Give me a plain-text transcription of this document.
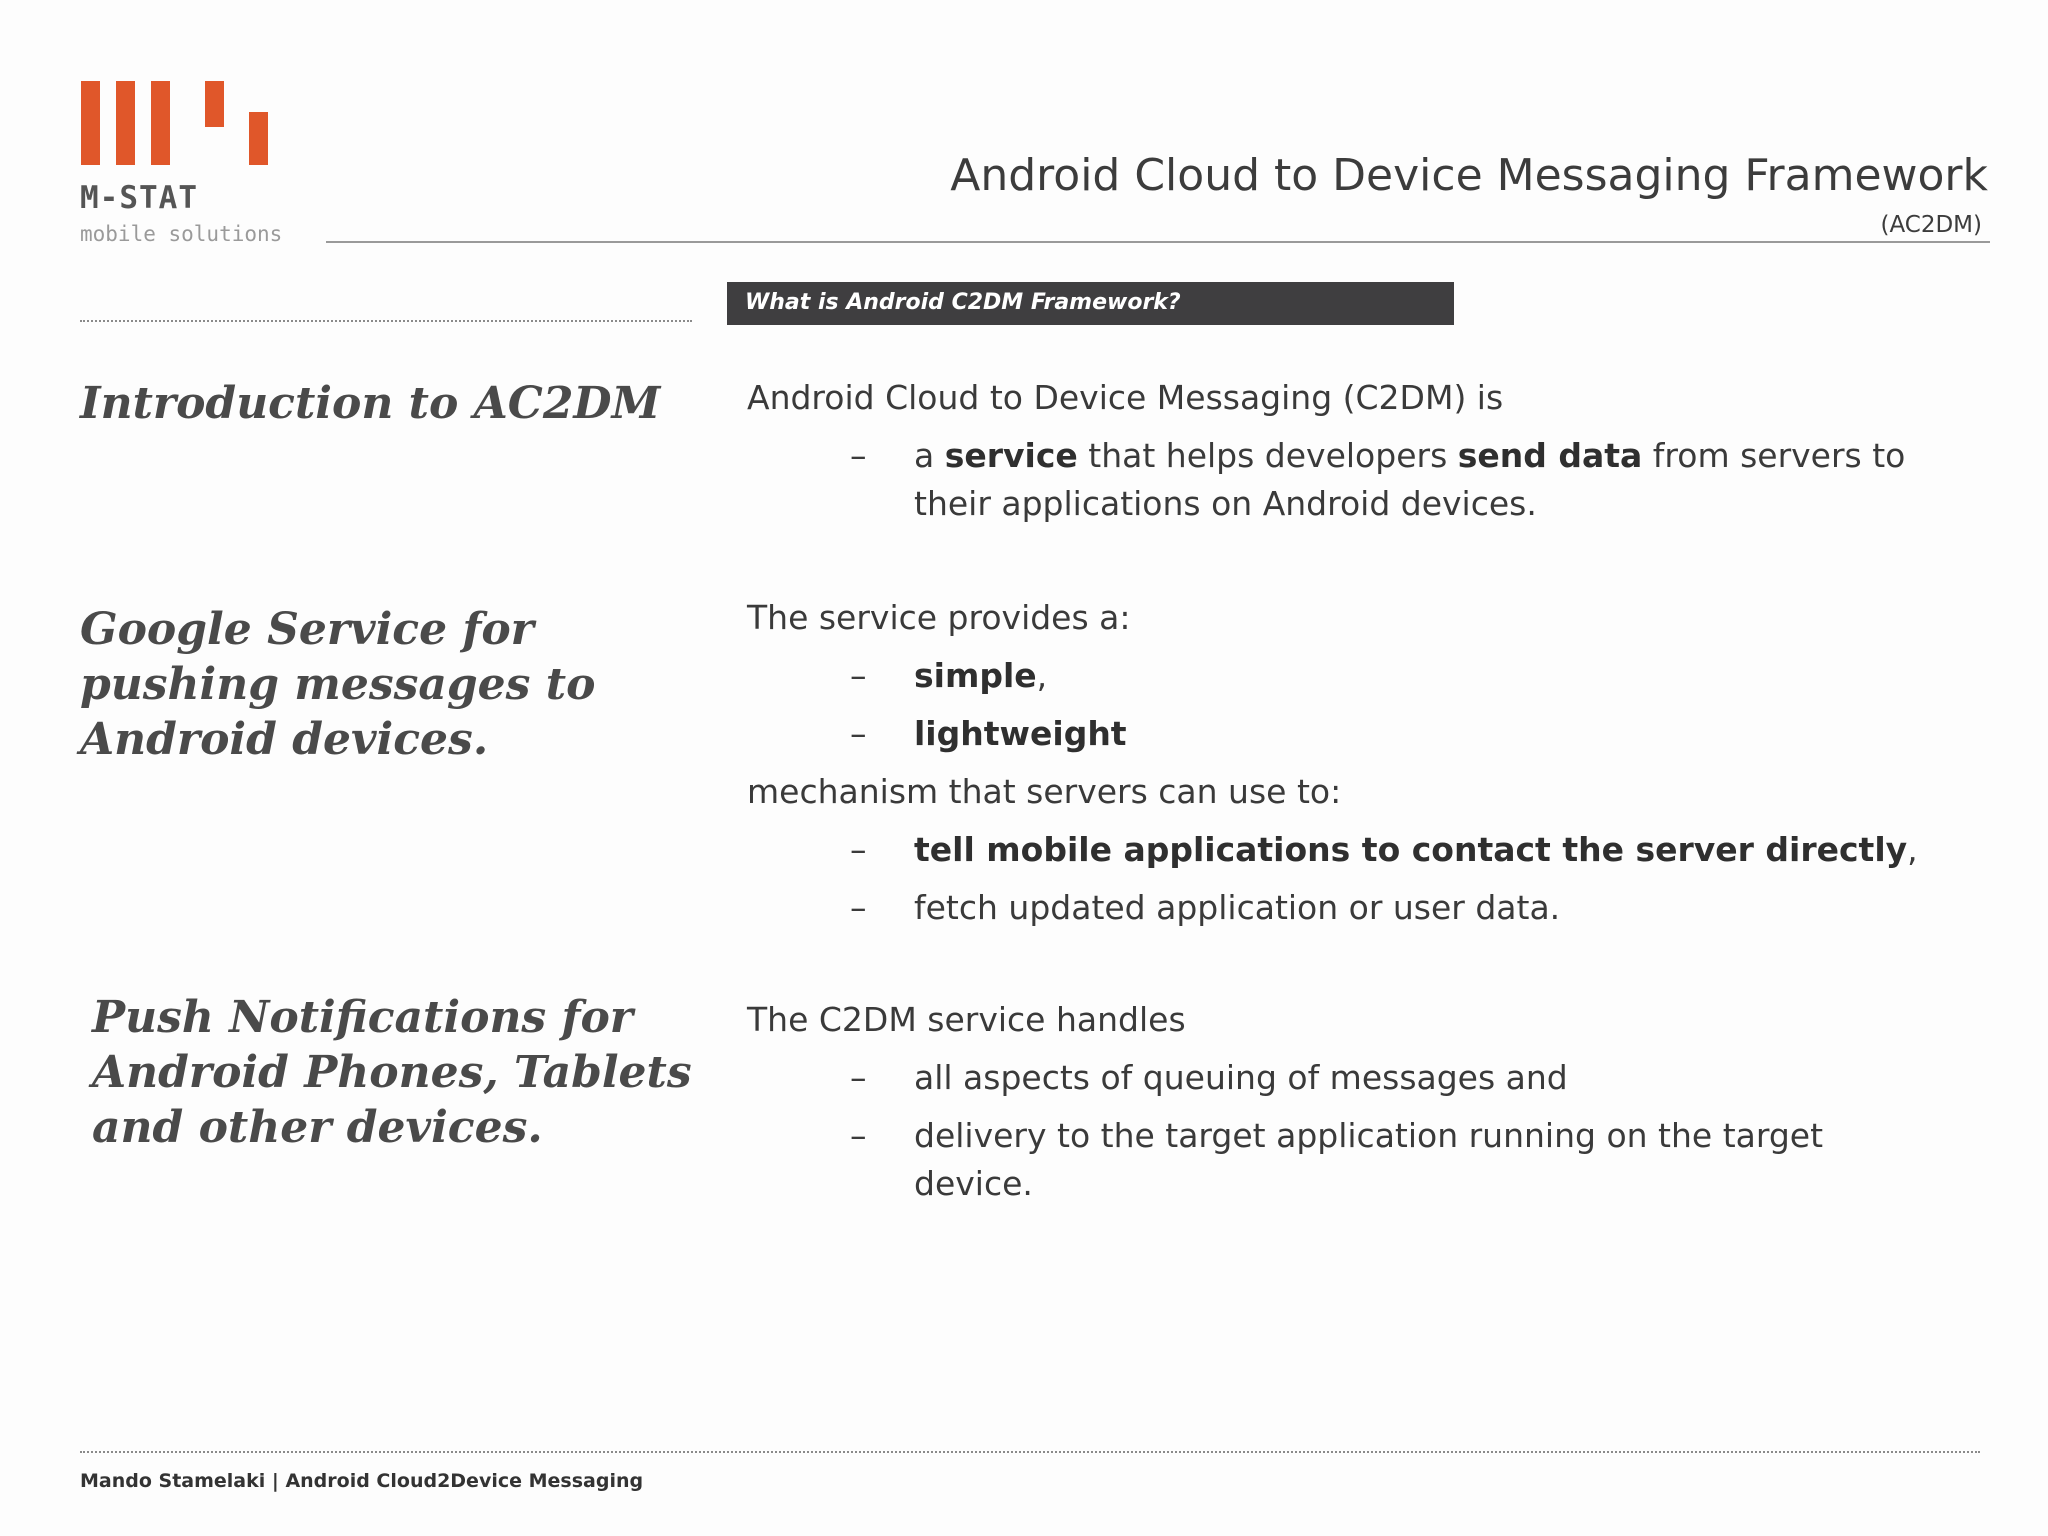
M-STAT
mobile solutions
Android Cloud to Device Messaging Framework
(AC2DM)
What is Android C2DM Framework?
Introduction to AC2DM
Google Service for pushing messages to Android devices.
Push Notifications for Android Phones, Tablets and other devices.
Android Cloud to Device Messaging (C2DM) is
– a service that helps developers send data from servers to
their applications on Android devices.
The service provides a:
– simple,
– lightweight
mechanism that servers can use to:
– tell mobile applications to contact the server directly,
– fetch updated application or user data.
The C2DM service handles
– all aspects of queuing of messages and
– delivery to the target application running on the target
device.
Mando Stamelaki | Android Cloud2Device Messaging
